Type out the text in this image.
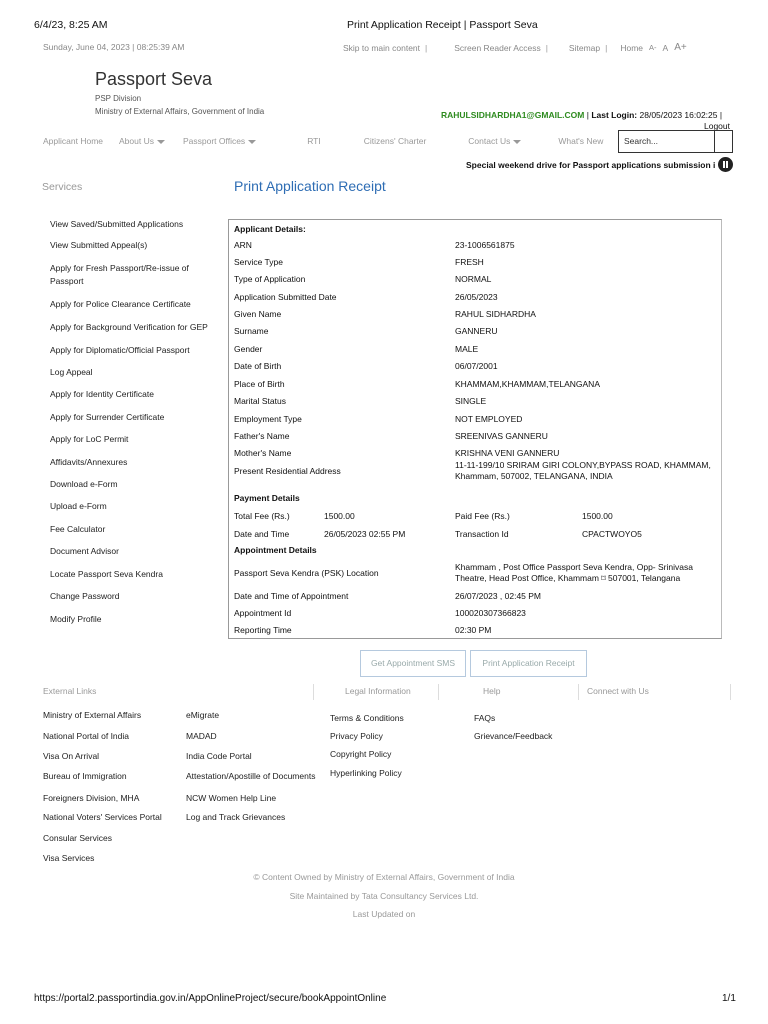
6/4/23, 8:25 AM	Print Application Receipt | Passport Seva
Sunday, June 04, 2023 | 08:25:39 AM	Skip to main content |	Screen Reader Access | Sitemap | Home A- A A+
Passport Seva
PSP Division
Ministry of External Affairs, Government of India	RAHULSIDHARDHA1@GMAIL.COM | Last Login: 28/05/2023 16:02:25 |
Logout
Applicant Home About Us	Passport Offices	RTI	Citizens' Charter	Contact Us	What's New	Search...
Special weekend drive for Passport applications submission i
Services	Print Application Receipt
View Saved/Submitted Applications
View Submitted Appeal(s)
Apply for Fresh Passport/Re-issue of Passport
Apply for Police Clearance Certificate
Apply for Background Verification for GEP
Apply for Diplomatic/Official Passport
Log Appeal
Apply for Identity Certificate
Apply for Surrender Certificate
Apply for LoC Permit
Affidavits/Annexures
Download e-Form
Upload e-Form
Fee Calculator
Document Advisor
Locate Passport Seva Kendra
Change Password
Modify Profile
Applicant Details:
ARN	23-1006561875
Service Type	FRESH
Type of Application	NORMAL
Application Submitted Date	26/05/2023
Given Name	RAHUL SIDHARDHA
Surname	GANNERU
Gender	MALE
Date of Birth	06/07/2001
Place of Birth	KHAMMAM,KHAMMAM,TELANGANA
Marital Status	SINGLE
Employment Type	NOT EMPLOYED
Father's Name	SREENIVAS GANNERU
Mother's Name	KRISHNA VENI GANNERU
Present Residential Address
11-11-199/10 SRIRAM GIRI COLONY,BYPASS ROAD, KHAMMAM, Khammam, 507002, TELANGANA, INDIA
Payment Details
Total Fee (Rs.)	1500.00	Paid Fee (Rs.)	1500.00
Date and Time	26/05/2023 02:55 PM	Transaction Id	CPACTWOYO5
Appointment Details
Passport Seva Kendra (PSK) Location
Khammam , Post Office Passport Seva Kendra, Opp- Srinivasa Theatre, Head Post Office, Khammam ⌑ 507001, Telangana
Date and Time of Appointment	26/07/2023 , 02:45 PM
Appointment Id	100020307366823
Reporting Time	02:30 PM
Get Appointment SMS	Print Application Receipt
External Links	Legal Information	Help	Connect with Us
Ministry of External Affairs
National Portal of India
Visa On Arrival
Bureau of Immigration
Foreigners Division, MHA
National Voters' Services Portal
Consular Services
Visa Services
eMigrate
MADAD
India Code Portal
Attestation/Apostille of Documents
NCW Women Help Line
Log and Track Grievances
Terms & Conditions
Privacy Policy
Copyright Policy
Hyperlinking Policy
FAQs
Grievance/Feedback
© Content Owned by Ministry of External Affairs, Government of India
Site Maintained by Tata Consultancy Services Ltd.
Last Updated on
https://portal2.passportindia.gov.in/AppOnlineProject/secure/bookAppointOnline	1/1
